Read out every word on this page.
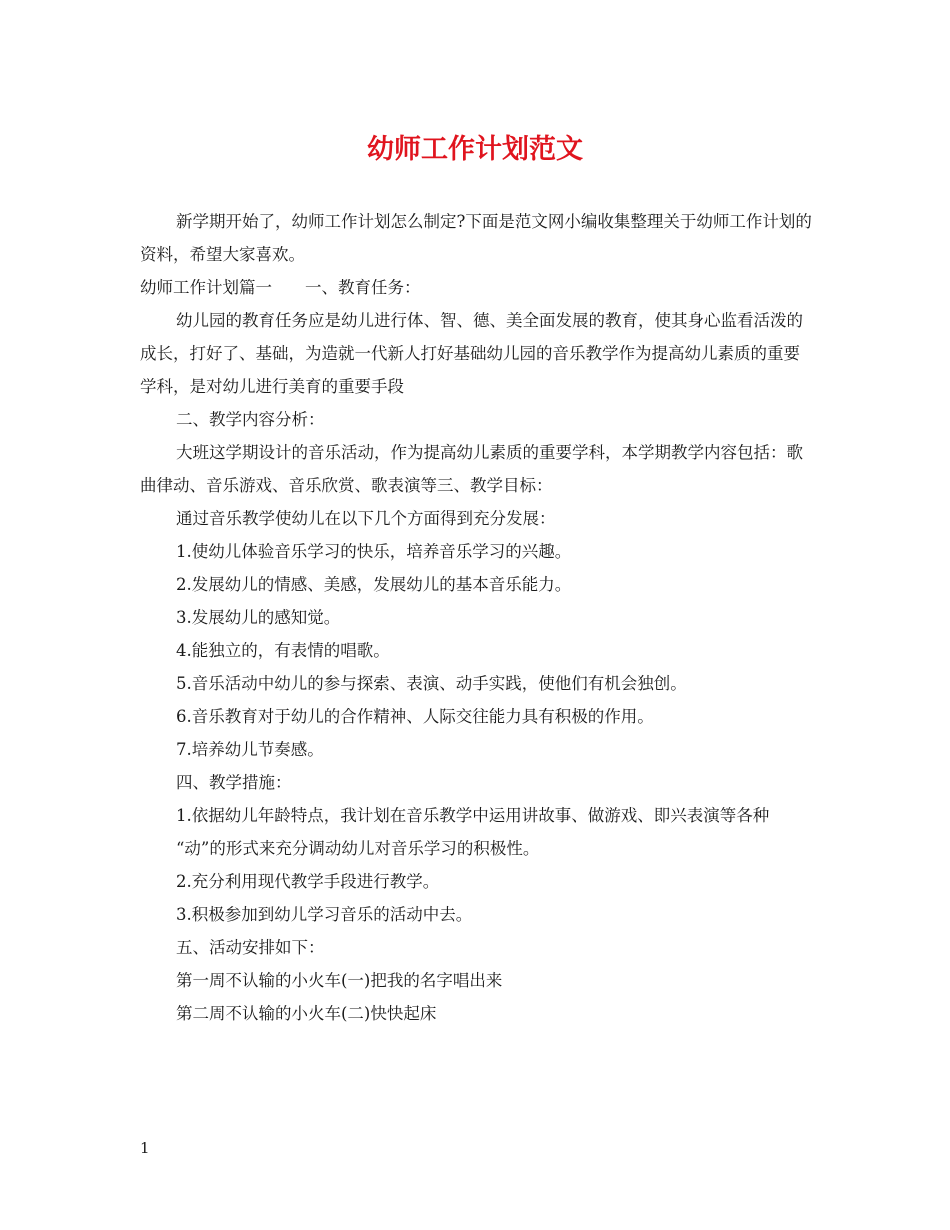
幼师工作计划范文

新学期开始了，幼师工作计划怎么制定?下面是范文网小编收集整理关于幼师工作计划的资料，希望大家喜欢。

幼师工作计划篇一　　一、教育任务：

幼儿园的教育任务应是幼儿进行体、智、德、美全面发展的教育，使其身心监看活泼的成长，打好了、基础，为造就一代新人打好基础幼儿园的音乐教学作为提高幼儿素质的重要学科，是对幼儿进行美育的重要手段

二、教学内容分析：

大班这学期设计的音乐活动，作为提高幼儿素质的重要学科，本学期教学内容包括：歌曲律动、音乐游戏、音乐欣赏、歌表演等三、教学目标：

通过音乐教学使幼儿在以下几个方面得到充分发展：

1.使幼儿体验音乐学习的快乐，培养音乐学习的兴趣。

2.发展幼儿的情感、美感，发展幼儿的基本音乐能力。

3.发展幼儿的感知觉。

4.能独立的，有表情的唱歌。

5.音乐活动中幼儿的参与探索、表演、动手实践，使他们有机会独创。

6.音乐教育对于幼儿的合作精神、人际交往能力具有积极的作用。

7.培养幼儿节奏感。

四、教学措施：

1.依据幼儿年龄特点，我计划在音乐教学中运用讲故事、做游戏、即兴表演等各种

“动”的形式来充分调动幼儿对音乐学习的积极性。

2.充分利用现代教学手段进行教学。

3.积极参加到幼儿学习音乐的活动中去。

五、活动安排如下：

第一周不认输的小火车(一)把我的名字唱出来

第二周不认输的小火车(二)快快起床

1
